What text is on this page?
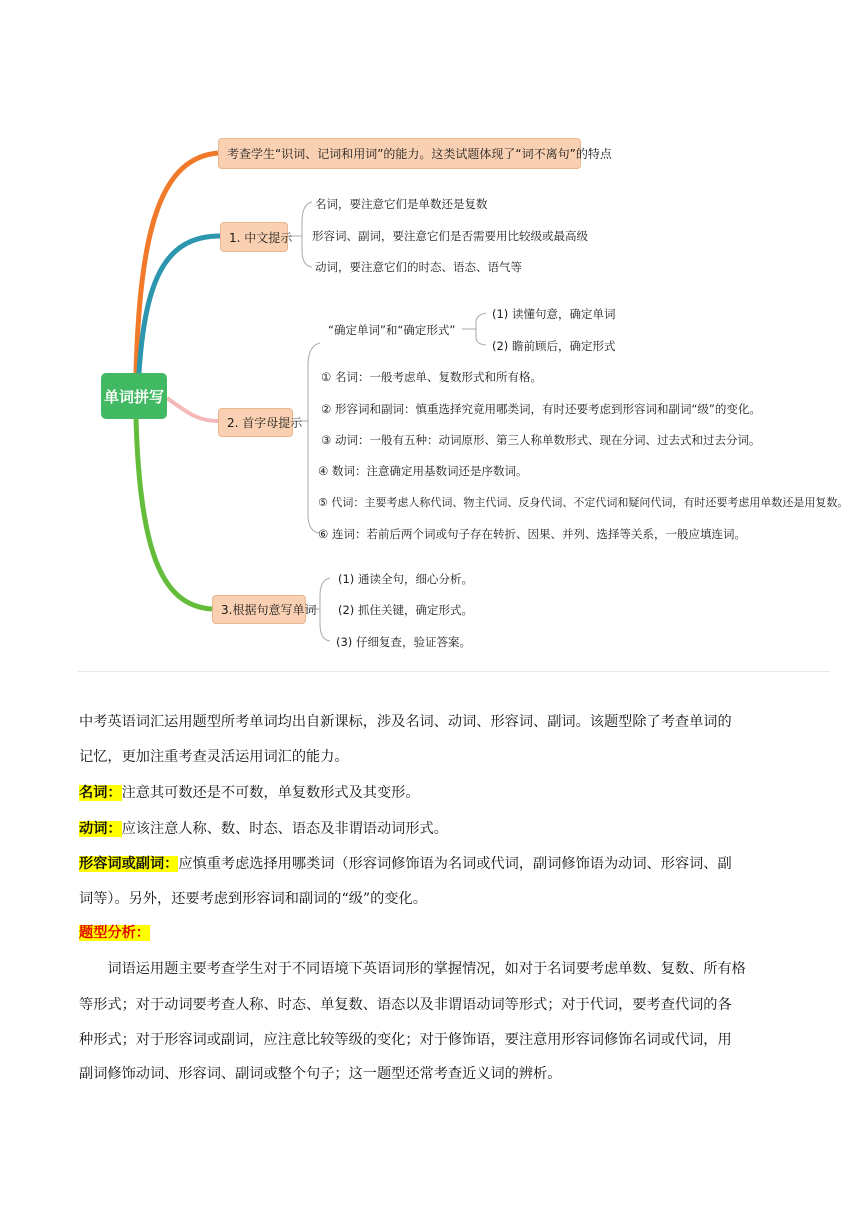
单词拼写
考查学生“识词、记词和用词”的能力。这类试题体现了“词不离句”的特点
1. 中文提示
名词，要注意它们是单数还是复数
形容词、副词，要注意它们是否需要用比较级或最高级
动词，要注意它们的时态、语态、语气等
2. 首字母提示
“确定单词”和“确定形式”
(1) 读懂句意，确定单词
(2) 瞻前顾后，确定形式
① 名词：一般考虑单、复数形式和所有格。
② 形容词和副词：慎重选择究竟用哪类词，有时还要考虑到形容词和副词“级”的变化。
③ 动词：一般有五种：动词原形、第三人称单数形式、现在分词、过去式和过去分词。
④ 数词：注意确定用基数词还是序数词。
⑤ 代词：主要考虑人称代词、物主代词、反身代词、不定代词和疑问代词，有时还要考虑用单数还是用复数。
⑥ 连词：若前后两个词或句子存在转折、因果、并列、选择等关系，一般应填连词。
3.根据句意写单词
(1) 通读全句，细心分析。
(2) 抓住关键，确定形式。
(3) 仔细复查，验证答案。
中考英语词汇运用题型所考单词均出自新课标，涉及名词、动词、形容词、副词。该题型除了考查单词的
记忆，更加注重考查灵活运用词汇的能力。
名词：注意其可数还是不可数，单复数形式及其变形。
动词：应该注意人称、数、时态、语态及非谓语动词形式。
形容词或副词：应慎重考虑选择用哪类词（形容词修饰语为名词或代词，副词修饰语为动词、形容词、副
词等）。另外，还要考虑到形容词和副词的“级”的变化。
题型分析：
　　词语运用题主要考查学生对于不同语境下英语词形的掌握情况，如对于名词要考虑单数、复数、所有格
等形式；对于动词要考查人称、时态、单复数、语态以及非谓语动词等形式；对于代词，要考查代词的各
种形式；对于形容词或副词，应注意比较等级的变化；对于修饰语，要注意用形容词修饰名词或代词，用
副词修饰动词、形容词、副词或整个句子；这一题型还常考查近义词的辨析。
